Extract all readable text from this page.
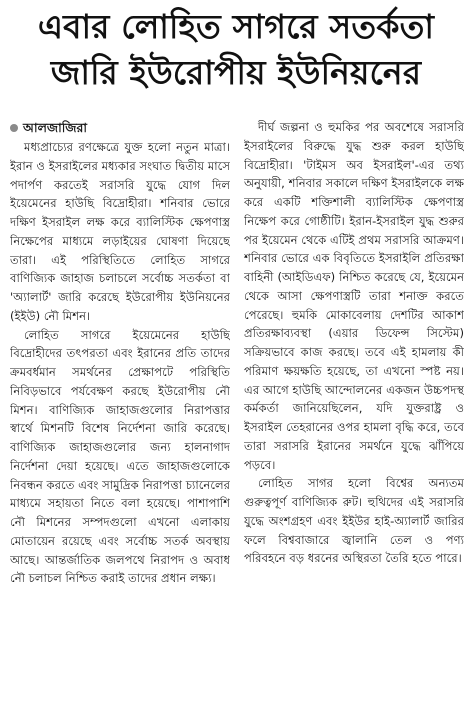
এবার লোহিত সাগরে সতর্কতা
জারি ইউরোপীয় ইউনিয়নের
আলজাজিরা

মধ্যপ্রাচ্যের রণক্ষেত্রে যুক্ত হলো নতুন মাত্রা। ইরান ও ইসরাইলের মধ্যকার সংঘাত দ্বিতীয় মাসে পদার্পণ করতেই সরাসরি যুদ্ধে যোগ দিল ইয়েমেনের হাউছি বিদ্রোহীরা। শনিবার ভোরে দক্ষিণ ইসরাইল লক্ষ করে ব্যালিস্টিক ক্ষেপণাস্ত্র নিক্ষেপের মাধ্যমে লড়াইয়ের ঘোষণা দিয়েছে তারা। এই পরিস্থিতিতে লোহিত সাগরে বাণিজ্যিক জাহাজ চলাচলে সর্বোচ্চ সতর্কতা বা 'অ্যালার্ট' জারি করেছে ইউরোপীয় ইউনিয়নের (ইইউ) নৌ মিশন।

লোহিত সাগরে ইয়েমেনের হাউছি বিদ্রোহীদের তৎপরতা এবং ইরানের প্রতি তাদের ক্রমবর্ধমান সমর্থনের প্রেক্ষাপটে পরিস্থিতি নিবিড়ভাবে পর্যবেক্ষণ করছে ইউরোপীয় নৌ মিশন। বাণিজ্যিক জাহাজগুলোর নিরাপত্তার স্বার্থে মিশনটি বিশেষ নির্দেশনা জারি করেছে। বাণিজ্যিক জাহাজগুলোর জন্য হালনাগাদ নির্দেশনা দেয়া হয়েছে। এতে জাহাজগুলোকে নিবন্ধন করতে এবং সামুদ্রিক নিরাপত্তা চ্যানেলের মাধ্যমে সহায়তা নিতে বলা হয়েছে। পাশাপাশি নৌ মিশনের সম্পদগুলো এখনো এলাকায় মোতায়েন রয়েছে এবং সর্বোচ্চ সতর্ক অবস্থায় আছে। আন্তর্জাতিক জলপথে নিরাপদ ও অবাধ নৌ চলাচল নিশ্চিত করাই তাদের প্রধান লক্ষ্য।

দীর্ঘ জল্পনা ও হুমকির পর অবশেষে সরাসরি ইসরাইলের বিরুদ্ধে যুদ্ধ শুরু করল হাউছি বিদ্রোহীরা। 'টাইমস অব ইসরাইল'-এর তথ্য অনুযায়ী, শনিবার সকালে দক্ষিণ ইসরাইলকে লক্ষ করে একটি শক্তিশালী ব্যালিস্টিক ক্ষেপণাস্ত্র নিক্ষেপ করে গোষ্ঠীটি। ইরান-ইসরাইল যুদ্ধ শুরুর পর ইয়েমেন থেকে এটিই প্রথম সরাসরি আক্রমণ। শনিবার ভোরে এক বিবৃতিতে ইসরাইলি প্রতিরক্ষা বাহিনী (আইডিএফ) নিশ্চিত করেছে যে, ইয়েমেন থেকে আসা ক্ষেপণাস্ত্রটি তারা শনাক্ত করতে পেরেছে। হুমকি মোকাবেলায় দেশটির আকাশ প্রতিরক্ষাব্যবস্থা (এয়ার ডিফেন্স সিস্টেম) সক্রিয়ভাবে কাজ করছে। তবে এই হামলায় কী পরিমাণ ক্ষয়ক্ষতি হয়েছে, তা এখনো স্পষ্ট নয়। এর আগে হাউছি আন্দোলনের একজন উচ্চপদস্থ কর্মকর্তা জানিয়েছিলেন, যদি যুক্তরাষ্ট্র ও ইসরাইল তেহরানের ওপর হামলা বৃদ্ধি করে, তবে তারা সরাসরি ইরানের সমর্থনে যুদ্ধে ঝাঁপিয়ে পড়বে।

লোহিত সাগর হলো বিশ্বের অন্যতম গুরুত্বপূর্ণ বাণিজ্যিক রুট। হুথিদের এই সরাসরি যুদ্ধে অংশগ্রহণ এবং ইইউর হাই-অ্যালার্ট জারির ফলে বিশ্ববাজারে জ্বালানি তেল ও পণ্য পরিবহনে বড় ধরনের অস্থিরতা তৈরি হতে পারে।
